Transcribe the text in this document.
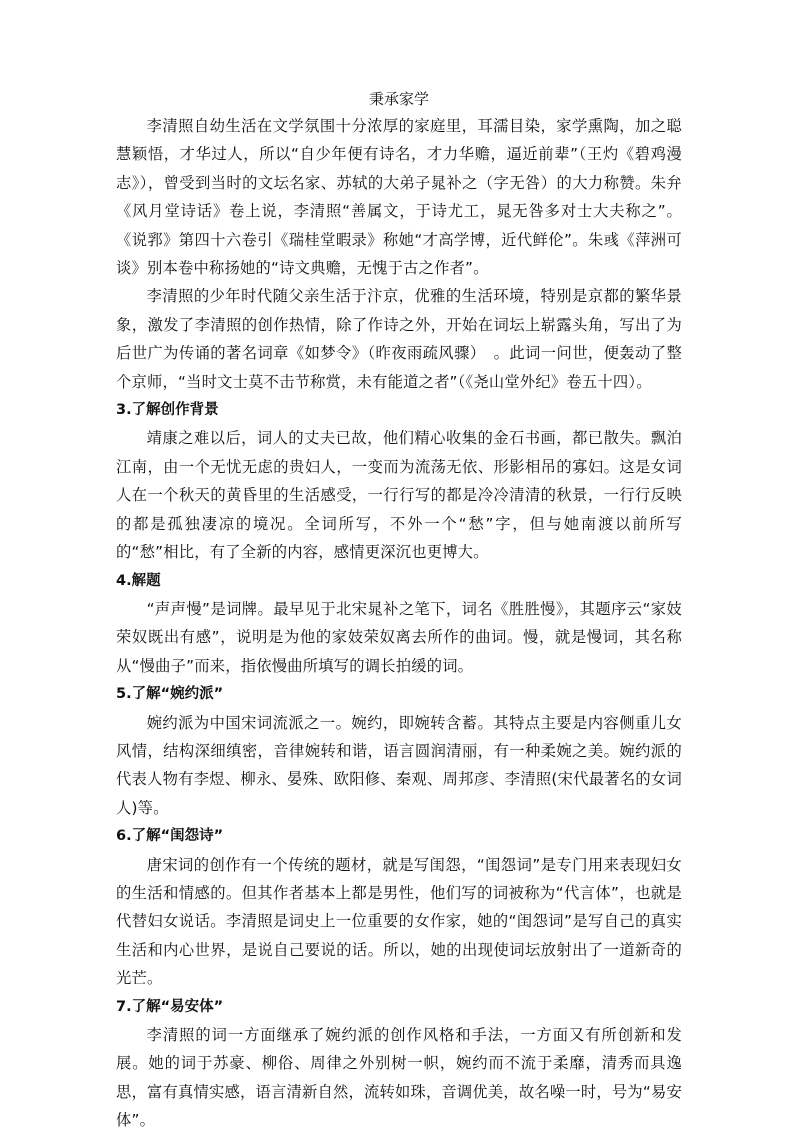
秉承家学

李清照自幼生活在文学氛围十分浓厚的家庭里，耳濡目染，家学熏陶，加之聪慧颖悟，才华过人，所以“自少年便有诗名，才力华赡，逼近前辈”（王灼《碧鸡漫志》），曾受到当时的文坛名家、苏轼的大弟子晁补之（字无咎）的大力称赞。朱弁《风月堂诗话》卷上说，李清照“善属文，于诗尤工，晁无咎多对士大夫称之”。《说郛》第四十六卷引《瑞桂堂暇录》称她“才高学博，近代鲜伦”。朱彧《萍洲可谈》别本卷中称扬她的“诗文典赡，无愧于古之作者”。

李清照的少年时代随父亲生活于汴京，优雅的生活环境，特别是京都的繁华景象，激发了李清照的创作热情，除了作诗之外，开始在词坛上崭露头角，写出了为后世广为传诵的著名词章《如梦令》（昨夜雨疏风骤）　。此词一问世，便轰动了整个京师，“当时文士莫不击节称赏，未有能道之者”（《尧山堂外纪》卷五十四）。

3.了解创作背景

靖康之难以后，词人的丈夫已故，他们精心收集的金石书画，都已散失。飘泊江南，由一个无忧无虑的贵妇人，一变而为流荡无依、形影相吊的寡妇。这是女词人在一个秋天的黄昏里的生活感受，一行行写的都是冷冷清清的秋景，一行行反映的都是孤独凄凉的境况。全词所写，不外一个“愁”字，但与她南渡以前所写的“愁”相比，有了全新的内容，感情更深沉也更博大。

4.解题

“声声慢”是词牌。最早见于北宋晁补之笔下，词名《胜胜慢》，其题序云“家妓荣奴既出有感”，说明是为他的家妓荣奴离去所作的曲词。慢，就是慢词，其名称从“慢曲子”而来，指依慢曲所填写的调长拍缓的词。

5.了解“婉约派”

婉约派为中国宋词流派之一。婉约，即婉转含蓄。其特点主要是内容侧重儿女风情，结构深细缜密，音律婉转和谐，语言圆润清丽，有一种柔婉之美。婉约派的代表人物有李煜、柳永、晏殊、欧阳修、秦观、周邦彦、李清照(宋代最著名的女词人)等。

6.了解“闺怨诗”

唐宋词的创作有一个传统的题材，就是写闺怨，“闺怨词”是专门用来表现妇女的生活和情感的。但其作者基本上都是男性，他们写的词被称为“代言体”，也就是代替妇女说话。李清照是词史上一位重要的女作家，她的“闺怨词”是写自己的真实生活和内心世界，是说自己要说的话。所以，她的出现使词坛放射出了一道新奇的光芒。

7.了解“易安体”

李清照的词一方面继承了婉约派的创作风格和手法，一方面又有所创新和发展。她的词于苏豪、柳俗、周律之外别树一帜，婉约而不流于柔靡，清秀而具逸思，富有真情实感，语言清新自然，流转如珠，音调优美，故名噪一时，号为“易安体”。
